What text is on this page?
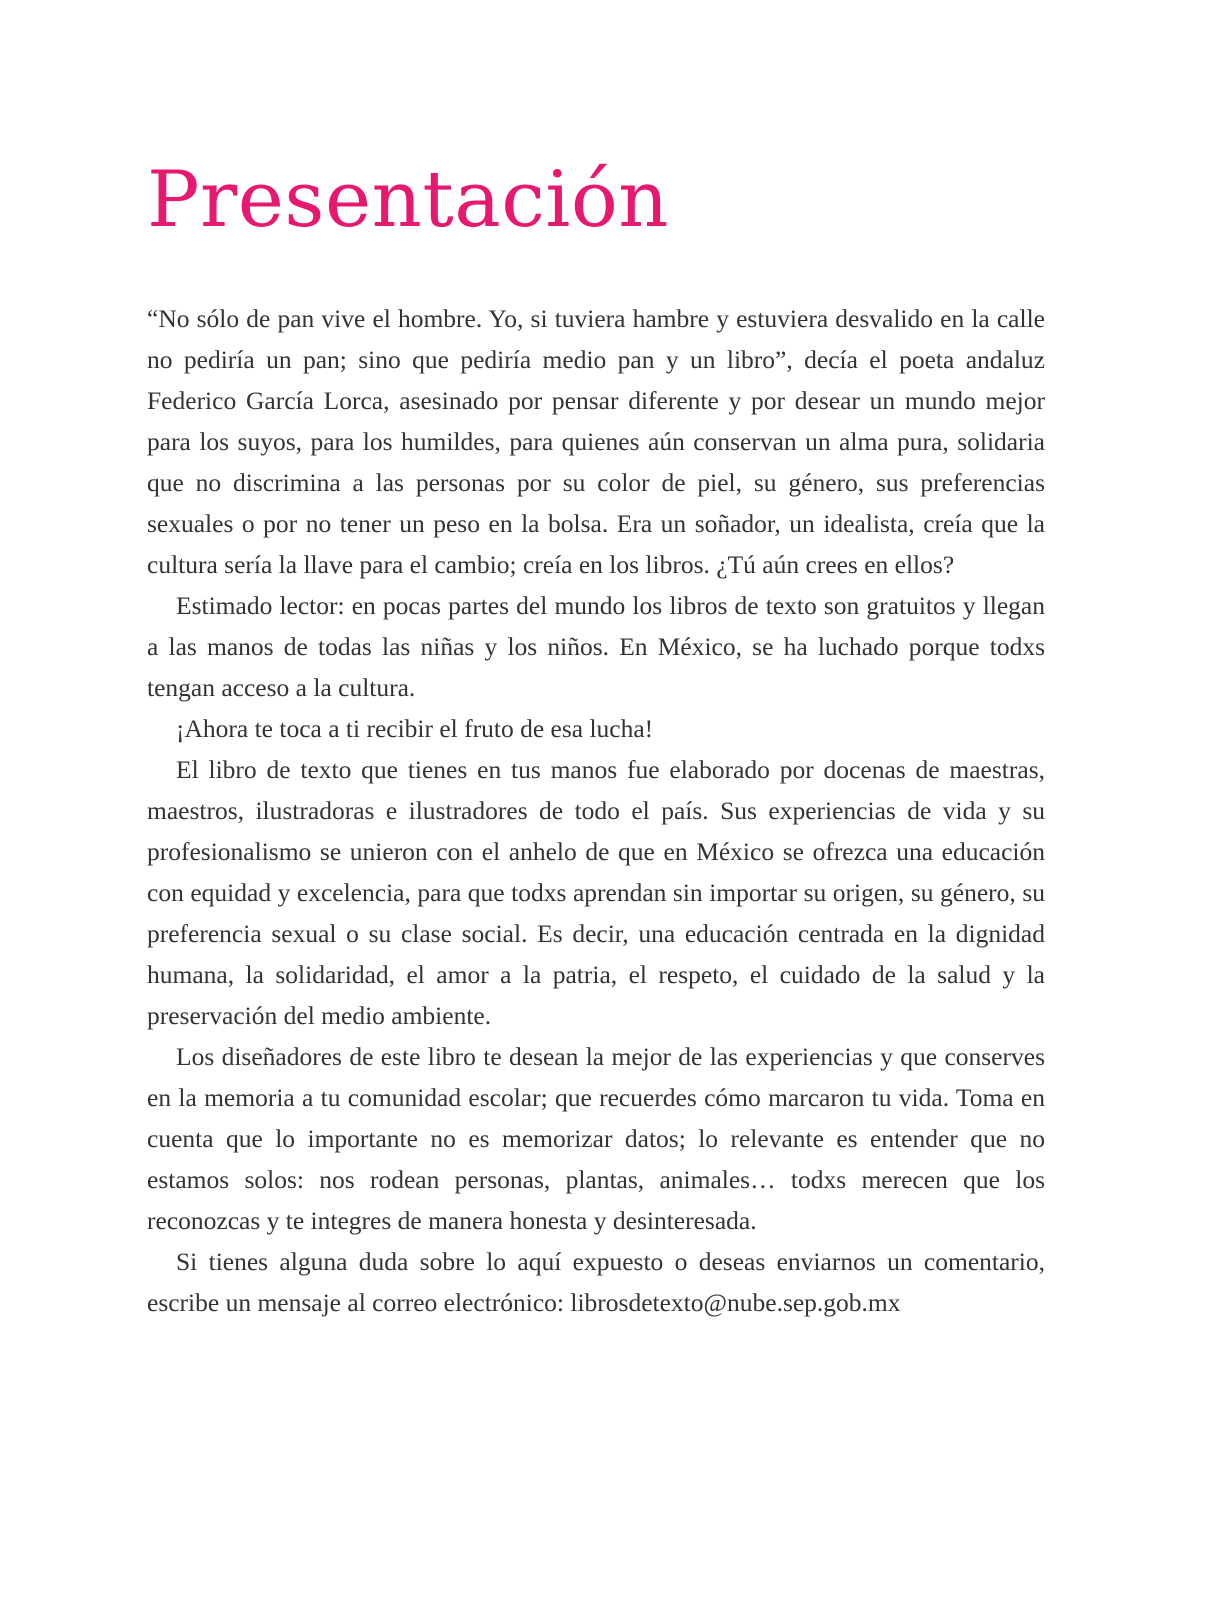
Presentación

“No sólo de pan vive el hombre. Yo, si tuviera hambre y estuviera desvalido en la calle no pediría un pan; sino que pediría medio pan y un libro”, decía el poeta andaluz Federico García Lorca, asesinado por pensar diferente y por desear un mundo mejor para los suyos, para los humildes, para quienes aún conservan un alma pura, solidaria que no discrimina a las personas por su color de piel, su género, sus preferencias sexuales o por no tener un peso en la bolsa. Era un soñador, un idealista, creía que la cultura sería la llave para el cambio; creía en los libros. ¿Tú aún crees en ellos?

Estimado lector: en pocas partes del mundo los libros de texto son gratuitos y llegan a las manos de todas las niñas y los niños. En México, se ha luchado porque todxs tengan acceso a la cultura.

¡Ahora te toca a ti recibir el fruto de esa lucha!

El libro de texto que tienes en tus manos fue elaborado por docenas de maestras, maestros, ilustradoras e ilustradores de todo el país. Sus experiencias de vida y su profesionalismo se unieron con el anhelo de que en México se ofrezca una educación con equidad y excelencia, para que todxs aprendan sin importar su origen, su género, su preferencia sexual o su clase social. Es decir, una educación centrada en la dignidad humana, la solidaridad, el amor a la patria, el respeto, el cuidado de la salud y la preservación del medio ambiente.

Los diseñadores de este libro te desean la mejor de las experiencias y que conserves en la memoria a tu comunidad escolar; que recuerdes cómo marcaron tu vida. Toma en cuenta que lo importante no es memorizar datos; lo relevante es entender que no estamos solos: nos rodean personas, plantas, animales… todxs merecen que los reconozcas y te integres de manera honesta y desinteresada.

Si tienes alguna duda sobre lo aquí expuesto o deseas enviarnos un comentario, escribe un mensaje al correo electrónico: librosdetexto@nube.sep.gob.mx
